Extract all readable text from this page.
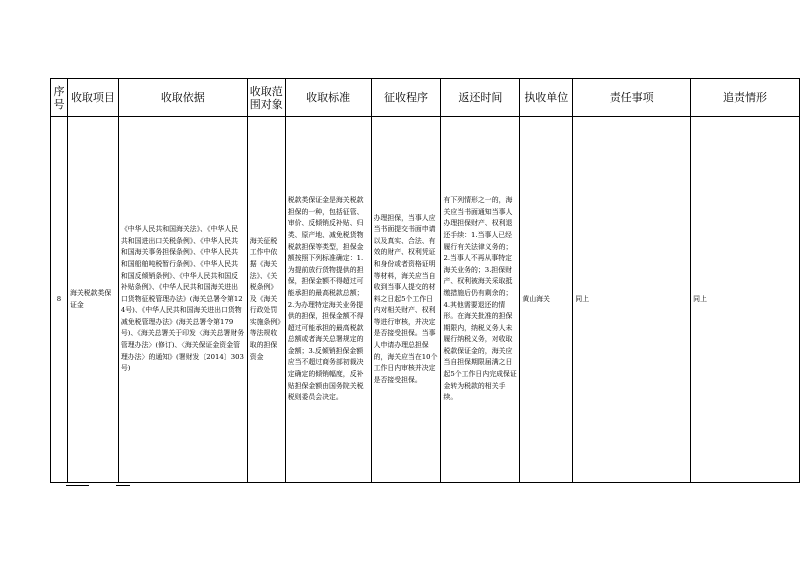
序号	收取项目	收取依据	收取范围对象	收取标准	征收程序	返还时间	执收单位	责任事项	追责情形

8	海关税款类保证金	《中华人民共和国海关法》、《中华人民共和国进出口关税条例》、《中华人民共和国海关事务担保条例》、《中华人民共和国船舶吨税暂行条例》、《中华人民共和国反倾销条例》、《中华人民共和国反补贴条例》、《中华人民共和国海关进出口货物征税管理办法》(海关总署令第124号)、《中华人民共和国海关进出口货物减免税管理办法》(海关总署令第179号)、《海关总署关于印发〈海关总署财务管理办法〉(修订)、〈海关保证金资金管理办法〉的通知》(署财发〔2014〕303号)	海关征税工作中依据《海关法》、《关税条例》及《海关行政处罚实施条例》等法规收取的担保资金	税款类保证金是海关税款担保的一种，包括征管、审价、反倾销反补贴、归类、原产地、减免税货物税款担保等类型，担保金额按照下列标准确定：1.为提前放行货物提供的担保，担保金额不得超过可能承担的最高税款总额；2.为办理特定海关业务提供的担保，担保金额不得超过可能承担的最高税款总额或者海关总署规定的金额；3.反倾销担保金额应当不超过商务部初裁决定确定的倾销幅度，反补贴担保金额由国务院关税税则委员会决定。	办理担保，当事人应当书面提交书面申请以及真实、合法、有效的财产、权利凭证和身份或者资格证明等材料，海关应当自收到当事人提交的材料之日起5个工作日内对相关财产、权利等进行审核，并决定是否接受担保。当事人申请办理总担保的，海关应当在10个工作日内审核并决定是否接受担保。	有下列情形之一的，海关应当书面通知当事人办理担保财产、权利退还手续：1.当事人已经履行有关法律义务的；2.当事人不再从事特定海关业务的；3.担保财产、权利被海关采取抵缴措施后仍有剩余的；4.其他需要退还的情形。在海关批准的担保期限内，纳税义务人未履行纳税义务，对收取税款保证金的，海关应当自担保期限届满之日起5个工作日内完成保证金转为税款的相关手续。	黄山海关	同上	同上
